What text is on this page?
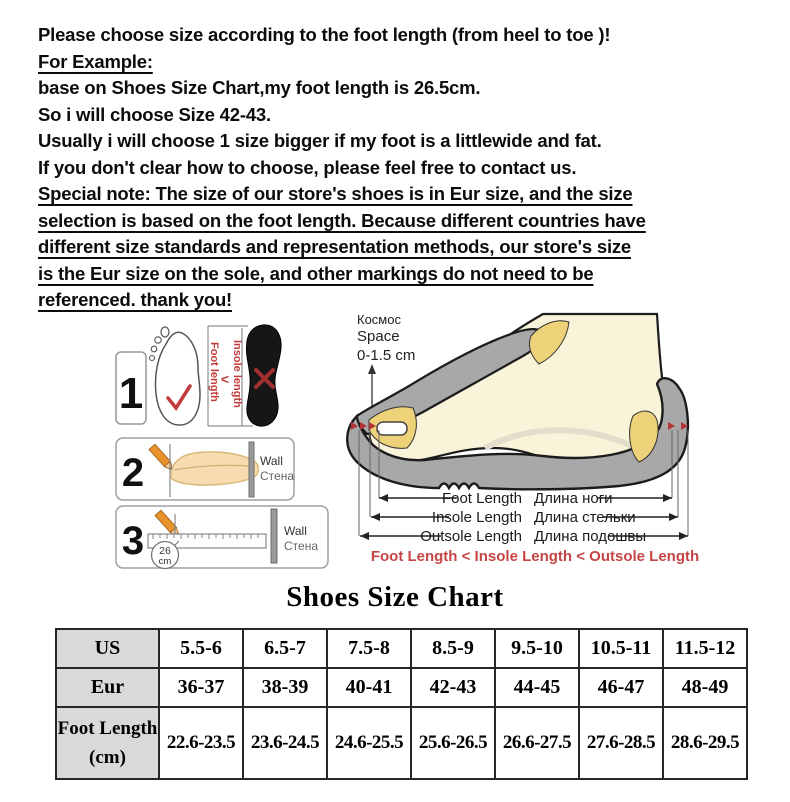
Please choose size according to the foot length (from heel to toe )!
For Example:
base on Shoes Size Chart,my foot length is 26.5cm.
So i will choose Size 42-43.
Usually i will choose 1 size bigger if my foot is a littlewide and fat.
If you don't clear how to choose, please feel free to contact us.
Special note: The size of our store's shoes is in Eur size, and the size
selection is based on the foot length. Because different countries have
different size standards and representation methods, our store's size
is the Eur size on the sole, and other markings do not need to be
referenced. thank you!
1	Foot length < Insole length
2	Wall
Стена
3 26
cm
Wall
Стена
Космос
Space
0-1.5 cm
Foot Length Длина ноги
Insole Length Длина стельки
Outsole Length Длина подошвы
Foot Length < Insole Length < Outsole Length
Shoes Size Chart
US	5.5-6	6.5-7	7.5-8	8.5-9	9.5-10	10.5-11	11.5-12
Eur	36-37	38-39	40-41	42-43	44-45	46-47	48-49

Foot Length
(cm)	22.6-23.5	23.6-24.5	24.6-25.5	25.6-26.5	26.6-27.5	27.6-28.5	28.6-29.5
